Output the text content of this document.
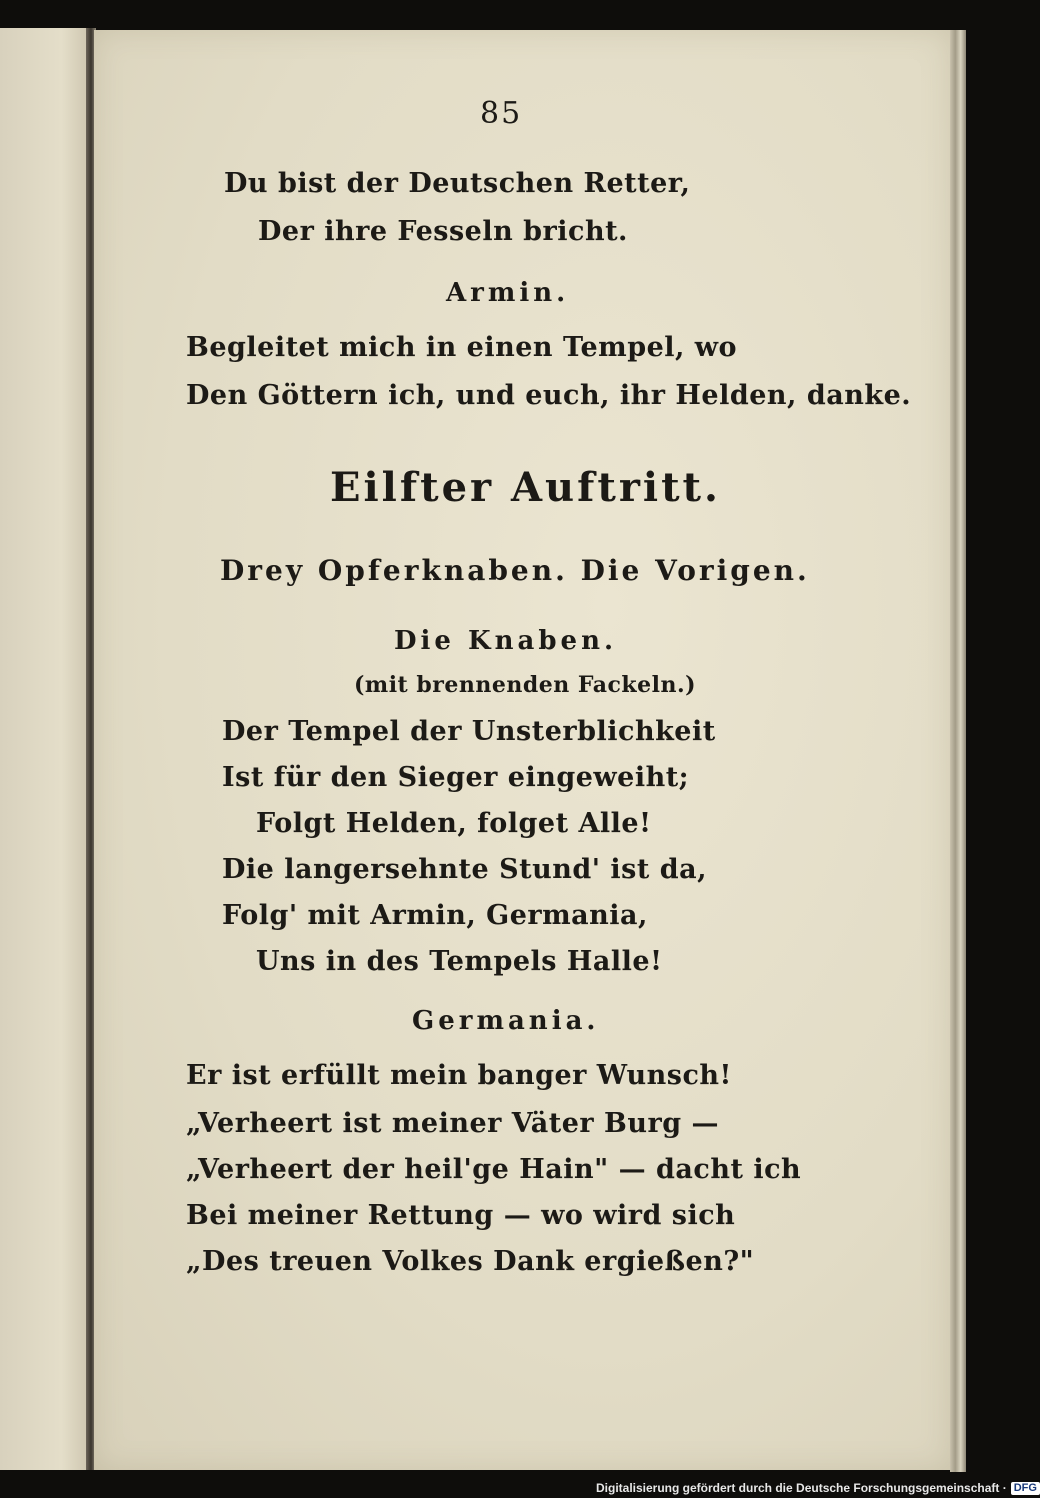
85
Du bist der Deutschen Retter,
Der ihre Fesseln bricht.
Armin.
Begleitet mich in einen Tempel, wo
Den Göttern ich, und euch, ihr Helden, danke.
Eilfter Auftritt.
Drey Opferknaben. Die Vorigen.
Die Knaben.
(mit brennenden Fackeln.)
Der Tempel der Unsterblichkeit
Ist für den Sieger eingeweiht;
Folgt Helden, folget Alle!
Die langersehnte Stund' ist da,
Folg' mit Armin, Germania,
Uns in des Tempels Halle!
Germania.
Er ist erfüllt mein banger Wunsch!
„Verheert ist meiner Väter Burg —
„Verheert der heil'ge Hain" — dacht ich
Bei meiner Rettung — wo wird sich
„Des treuen Volkes Dank ergießen?"
Digitalisierung gefördert durch die Deutsche Forschungsgemeinschaft · DFG
